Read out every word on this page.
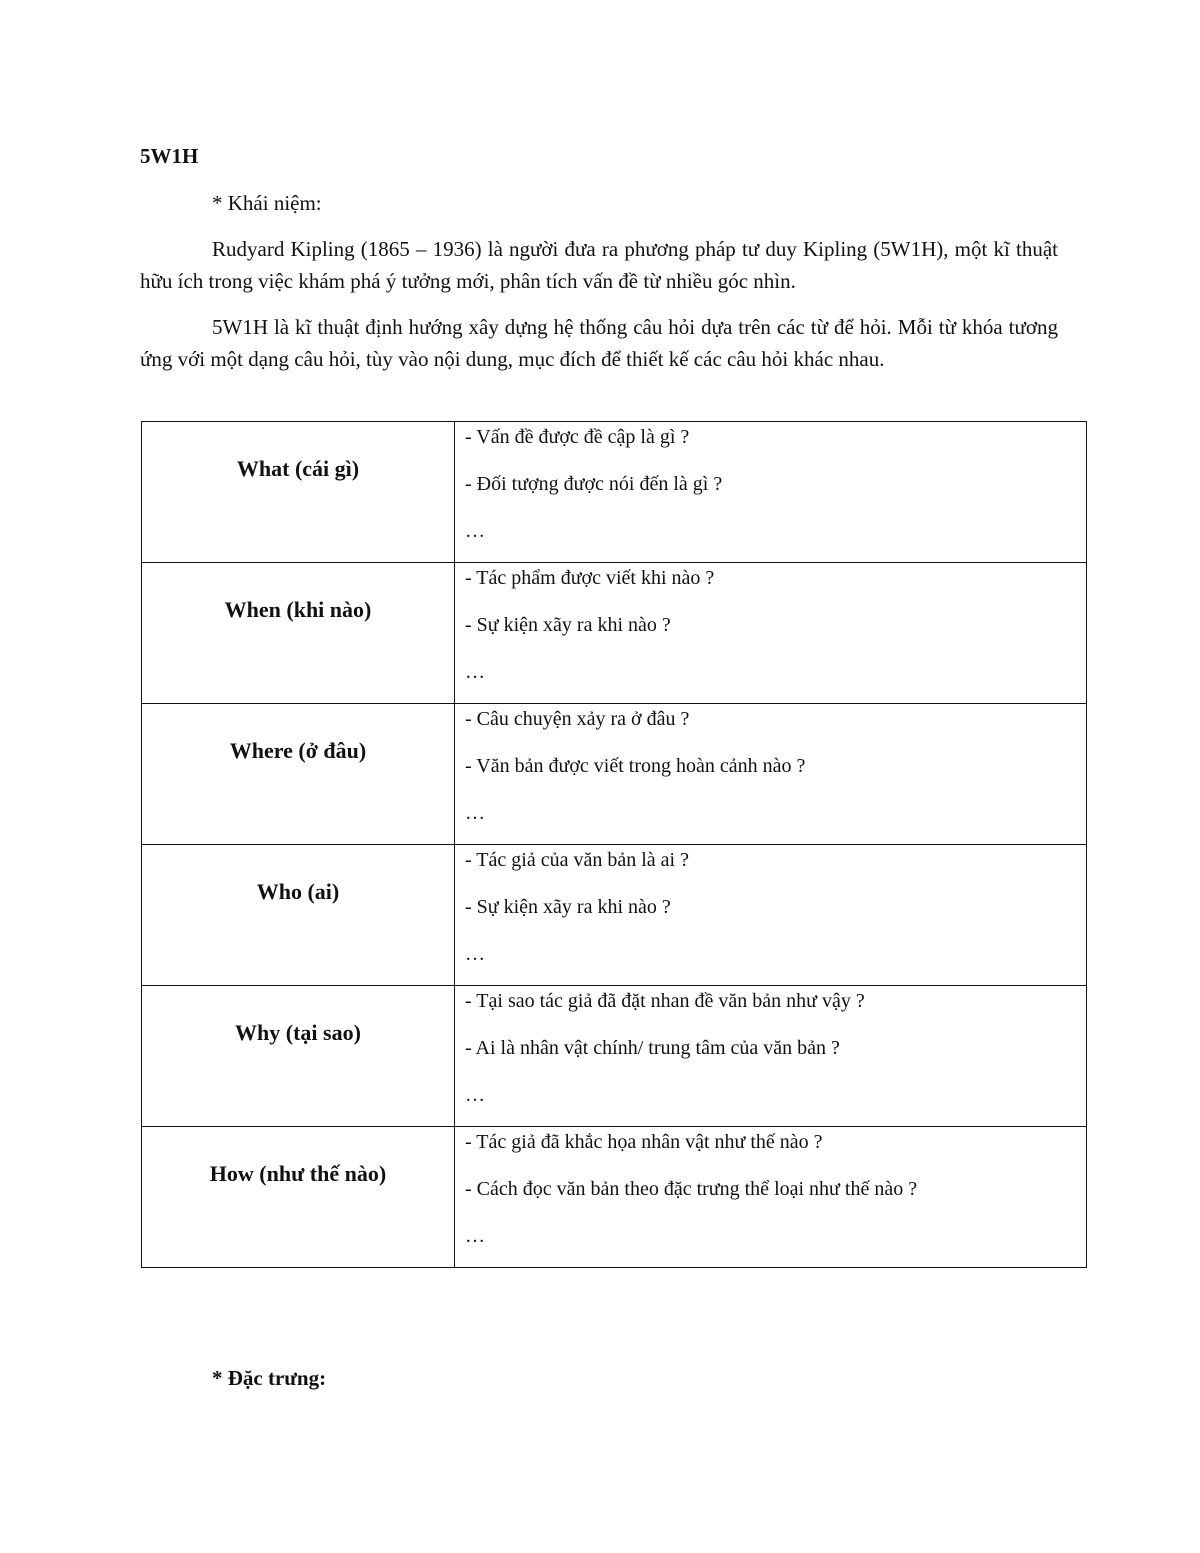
5W1H
* Khái niệm:

Rudyard Kipling (1865 – 1936) là người đưa ra phương pháp tư duy Kipling (5W1H), một kĩ thuật hữu ích trong việc khám phá ý tưởng mới, phân tích vấn đề từ nhiều góc nhìn.

5W1H là kĩ thuật định hướng xây dựng hệ thống câu hỏi dựa trên các từ để hỏi. Mỗi từ khóa tương ứng với một dạng câu hỏi, tùy vào nội dung, mục đích để thiết kế các câu hỏi khác nhau.

What (cái gì)	- Vấn đề được đề cập là gì ?
- Đối tượng được nói đến là gì ?
…

When (khi nào)	- Tác phẩm được viết khi nào ?
- Sự kiện xãy ra khi nào ?
…

Where (ở đâu)	- Câu chuyện xảy ra ở đâu ?
- Văn bản được viết trong hoàn cảnh nào ?
…

Who (ai)	- Tác giả của văn bản là ai ?
- Sự kiện xãy ra khi nào ?
…

Why (tại sao)	- Tại sao tác giả đã đặt nhan đề văn bản như vậy ?
- Ai là nhân vật chính/ trung tâm của văn bản ?
…

How (như thế nào)	- Tác giả đã khắc họa nhân vật như thế nào ?
- Cách đọc văn bản theo đặc trưng thể loại như thế nào ?
…
* Đặc trưng:
